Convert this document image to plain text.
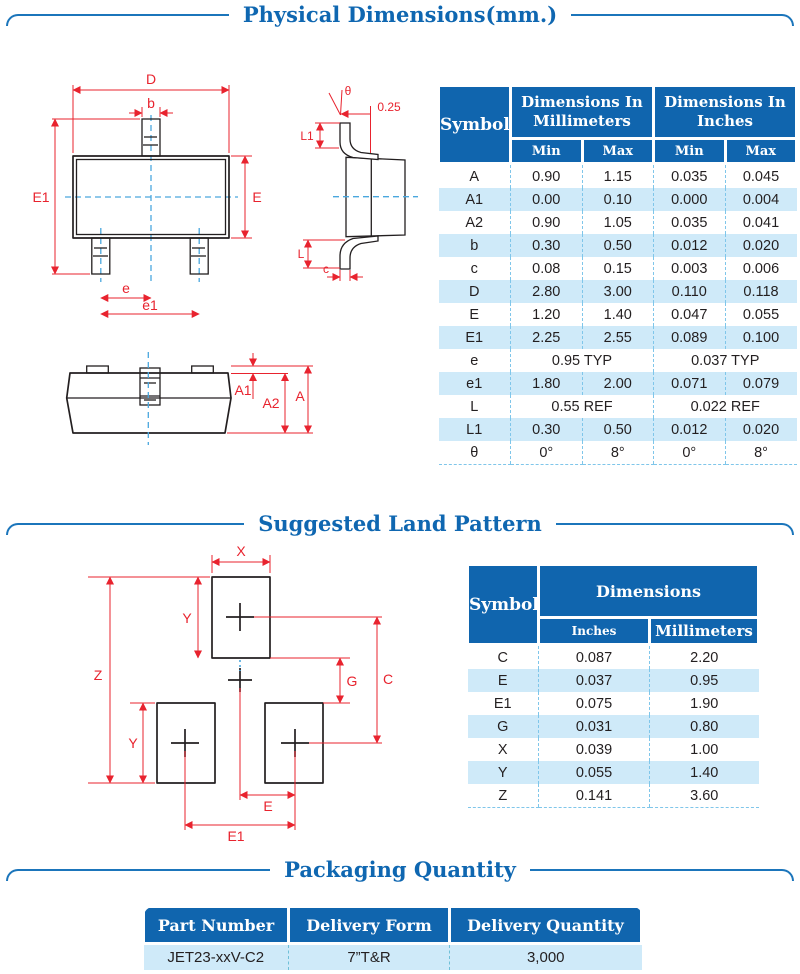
Physical Dimensions(mm.)
D
b
E1	E
e
e1
θ
0.25
L1
L
c
A1
A2 A
Symbol	Dimensions In Millimeters		Dimensions In Inches	
	Min	Max	Min	Max
A	0.90	1.15	0.035	0.045
A1	0.00	0.10	0.000	0.004
A2	0.90	1.05	0.035	0.041
b	0.30	0.50	0.012	0.020
c	0.08	0.15	0.003	0.006
D	2.80	3.00	0.110	0.118
E	1.20	1.40	0.047	0.055
E1	2.25	2.55	0.089	0.100
e	0.95 TYP		0.037 TYP	
e1	1.80	2.00	0.071	0.079
L	0.55 REF		0.022 REF	
L1	0.30	0.50	0.012	0.020
θ	0°	8°	0°	8°
Suggested Land Pattern
X
Y
Z
Y
C
G
E
E1
Symbol	Dimensions	
	Inches	Millimeters
C	0.087	2.20
E	0.037	0.95
E1	0.075	1.90
G	0.031	0.80
X	0.039	1.00
Y	0.055	1.40
Z	0.141	3.60
Packaging Quantity
Part Number	Delivery Form	Delivery Quantity
JET23-xxV-C2	7”T&R	3,000
